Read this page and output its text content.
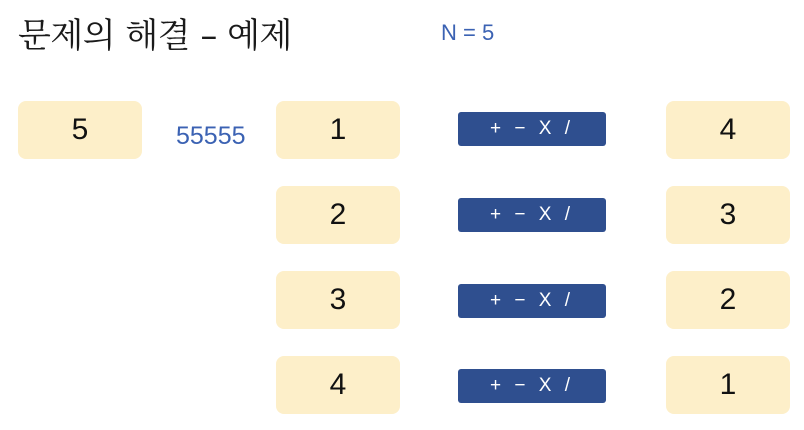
문제의 해결 – 예제	N = 5
5	55555	1	+ − X /	4
2	+ − X /	3
3	+ − X /	2
4	+ − X /	1
